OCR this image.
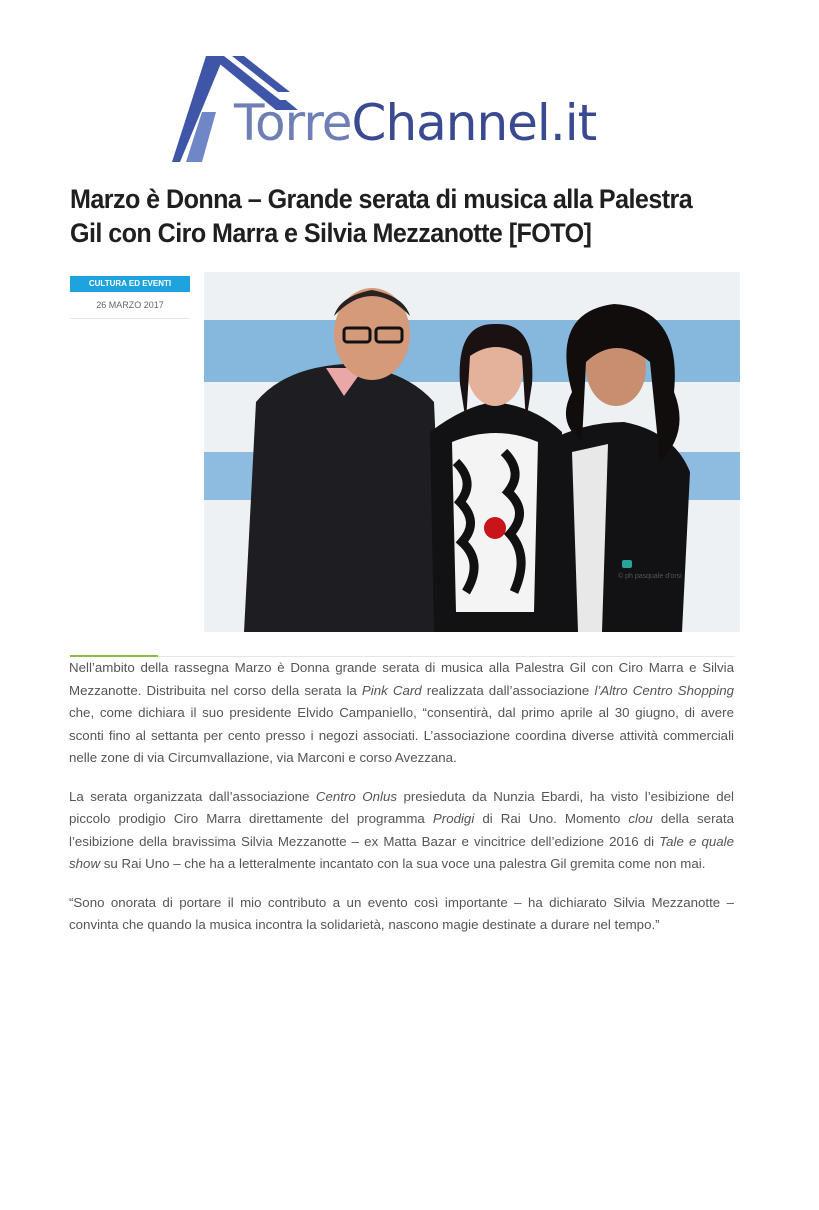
TorreChannel.it
Marzo è Donna – Grande serata di musica alla Palestra Gil con Ciro Marra e Silvia Mezzanotte [FOTO]
CULTURA ED EVENTI
26 MARZO 2017
© ph pasquale d'orsi

Nell’ambito della rassegna Marzo è Donna grande serata di musica alla Palestra Gil con Ciro Marra e Silvia Mezzanotte. Distribuita nel corso della serata la Pink Card realizzata dall’associazione l’Altro Centro Shopping che, come dichiara il suo presidente Elvido Campaniello, “consentirà, dal primo aprile al 30 giugno, di avere sconti fino al settanta per cento presso i negozi associati. L’associazione coordina diverse attività commerciali nelle zone di via Circumvallazione, via Marconi e corso Avezzana.

La serata organizzata dall’associazione Centro Onlus presieduta da Nunzia Ebardi, ha visto l’esibizione del piccolo prodigio Ciro Marra direttamente del programma Prodigi di Rai Uno. Momento clou della serata l’esibizione della bravissima Silvia Mezzanotte – ex Matta Bazar e vincitrice dell’edizione 2016 di Tale e quale show su Rai Uno – che ha a letteralmente incantato con la sua voce una palestra Gil gremita come non mai.

“Sono onorata di portare il mio contributo a un evento così importante – ha dichiarato Silvia Mezzanotte – convinta che quando la musica incontra la solidarietà, nascono magie destinate a durare nel tempo.”
